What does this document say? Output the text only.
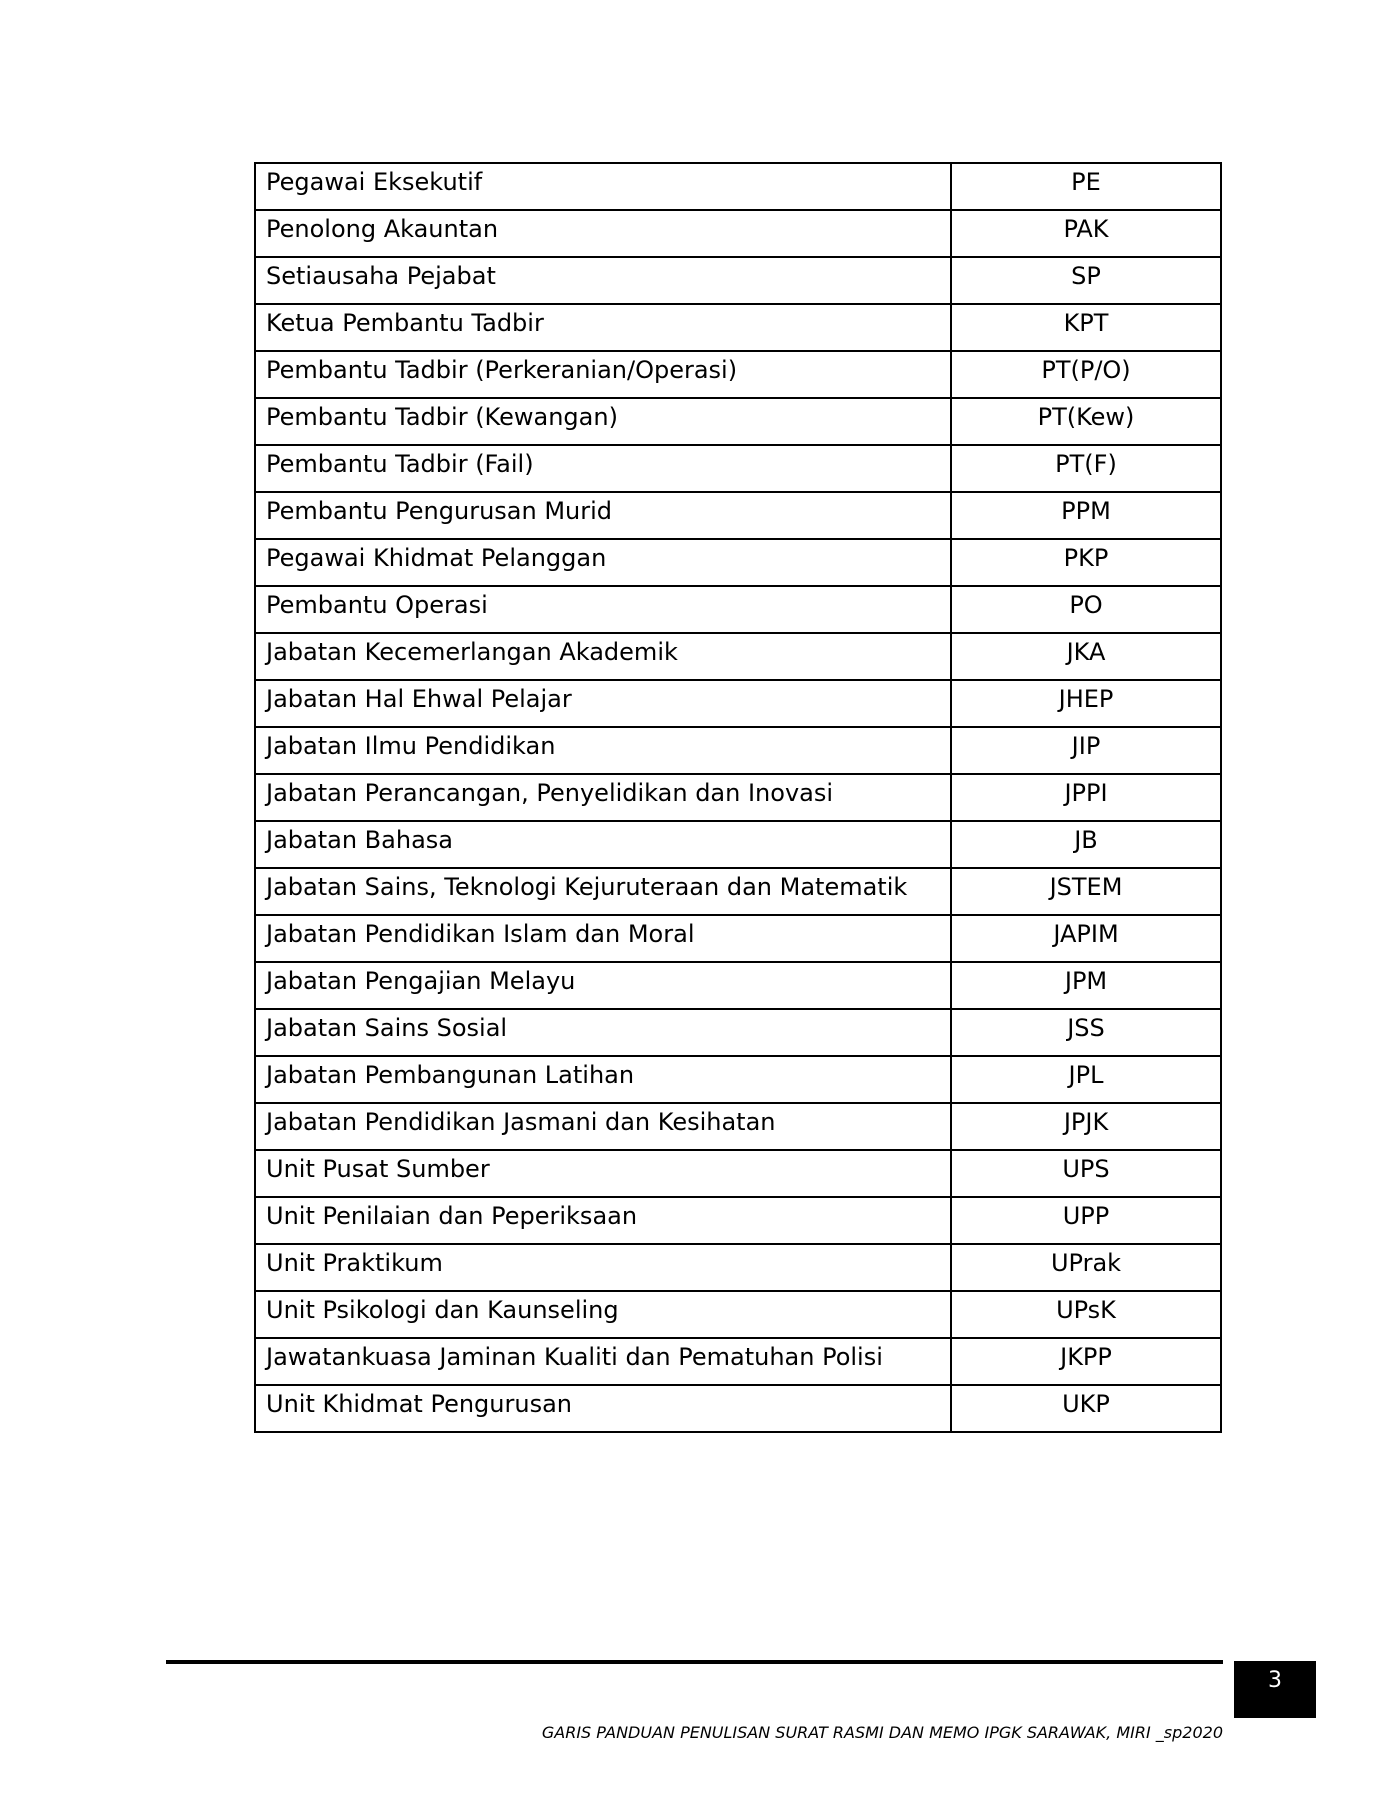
Pegawai Eksekutif	PE
Penolong Akauntan	PAK
Setiausaha Pejabat	SP
Ketua Pembantu Tadbir	KPT
Pembantu Tadbir (Perkeranian/Operasi)	PT(P/O)
Pembantu Tadbir (Kewangan)	PT(Kew)
Pembantu Tadbir (Fail)	PT(F)
Pembantu Pengurusan Murid	PPM
Pegawai Khidmat Pelanggan	PKP
Pembantu Operasi	PO
Jabatan Kecemerlangan Akademik	JKA
Jabatan Hal Ehwal Pelajar	JHEP
Jabatan Ilmu Pendidikan	JIP
Jabatan Perancangan, Penyelidikan dan Inovasi	JPPI
Jabatan Bahasa	JB
Jabatan Sains, Teknologi Kejuruteraan dan Matematik	JSTEM
Jabatan Pendidikan Islam dan Moral	JAPIM
Jabatan Pengajian Melayu	JPM
Jabatan Sains Sosial	JSS
Jabatan Pembangunan Latihan	JPL
Jabatan Pendidikan Jasmani dan Kesihatan	JPJK
Unit Pusat Sumber	UPS
Unit Penilaian dan Peperiksaan	UPP
Unit Praktikum	UPrak
Unit Psikologi dan Kaunseling	UPsK
Jawatankuasa Jaminan Kualiti dan Pematuhan Polisi	JKPP
Unit Khidmat Pengurusan	UKP
3
GARIS PANDUAN PENULISAN SURAT RASMI DAN MEMO IPGK SARAWAK, MIRI _sp2020
